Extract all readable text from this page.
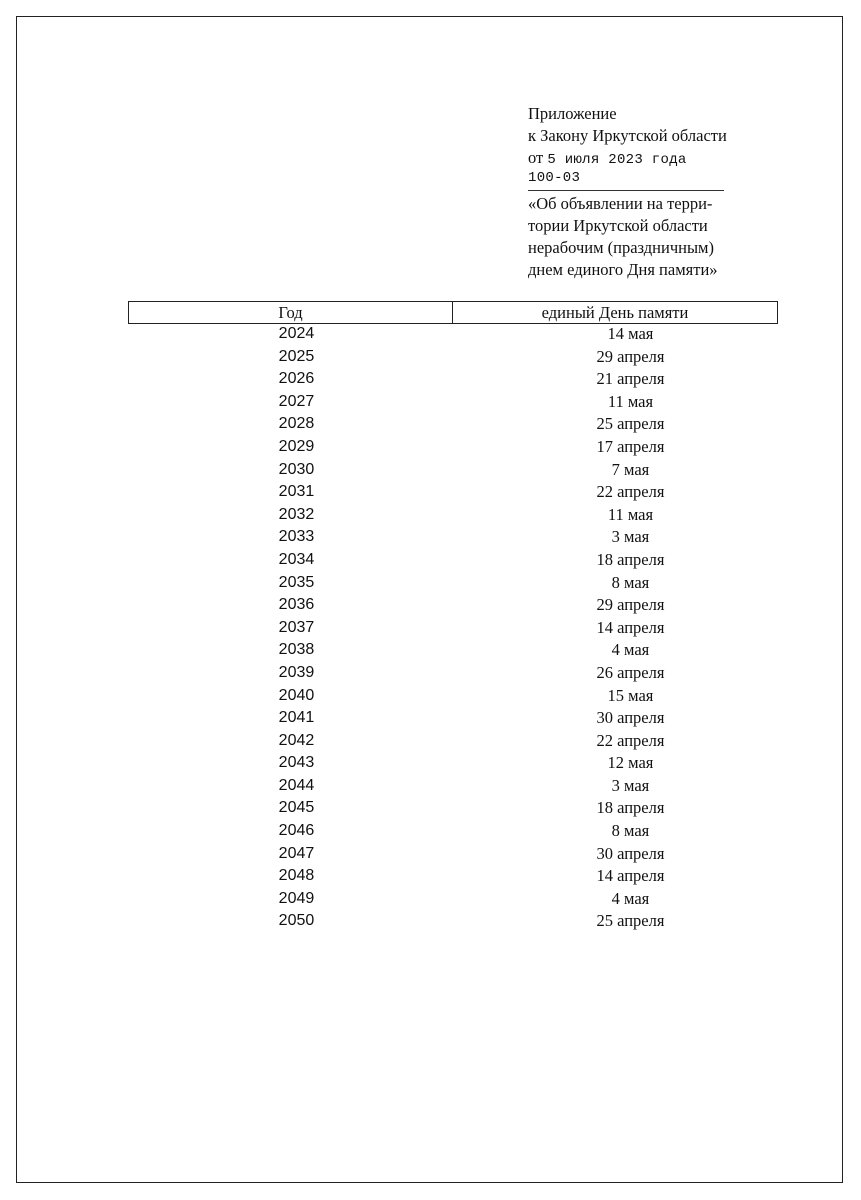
Приложение
к Закону Иркутской области
от 5 июля 2023 года
100-03
«Об объявлении на терри-
тории Иркутской области
нерабочим (праздничным)
днем единого Дня памяти»
Год	единый День памяти
2024	14 мая
2025	29 апреля
2026	21 апреля
2027	11 мая
2028	25 апреля
2029	17 апреля
2030	7 мая
2031	22 апреля
2032	11 мая
2033	3 мая
2034	18 апреля
2035	8 мая
2036	29 апреля
2037	14 апреля
2038	4 мая
2039	26 апреля
2040	15 мая
2041	30 апреля
2042	22 апреля
2043	12 мая
2044	3 мая
2045	18 апреля
2046	8 мая
2047	30 апреля
2048	14 апреля
2049	4 мая
2050	25 апреля
